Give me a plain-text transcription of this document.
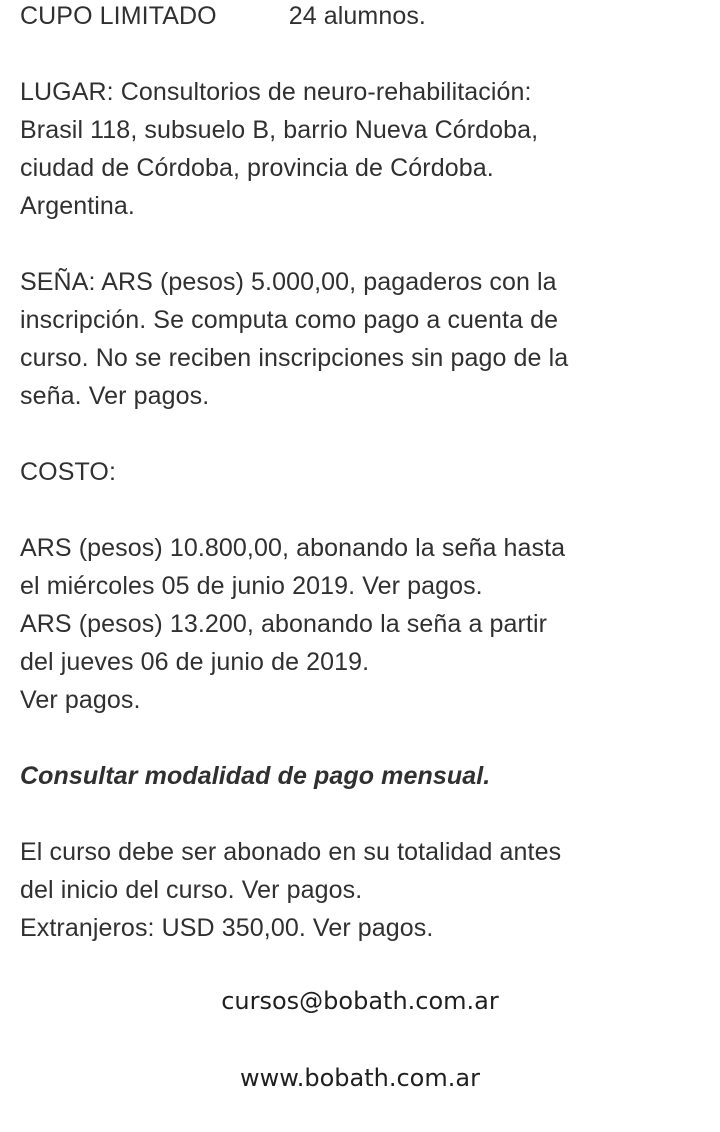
CUPO LIMITADO	24 alumnos.
LUGAR: Consultorios de neuro-rehabilitación:
Brasil 118, subsuelo B, barrio Nueva Córdoba,
ciudad de Córdoba, provincia de Córdoba.
Argentina.
SEÑA: ARS (pesos) 5.000,00, pagaderos con la
inscripción. Se computa como pago a cuenta de
curso. No se reciben inscripciones sin pago de la
seña. Ver pagos.
COSTO:
ARS (pesos) 10.800,00, abonando la seña hasta
el miércoles 05 de junio 2019. Ver pagos.
ARS (pesos) 13.200, abonando la seña a partir
del jueves 06 de junio de 2019.
Ver pagos.
Consultar modalidad de pago mensual.
El curso debe ser abonado en su totalidad antes
del inicio del curso. Ver pagos.
Extranjeros: USD 350,00. Ver pagos.
cursos@bobath.com.ar
www.bobath.com.ar
